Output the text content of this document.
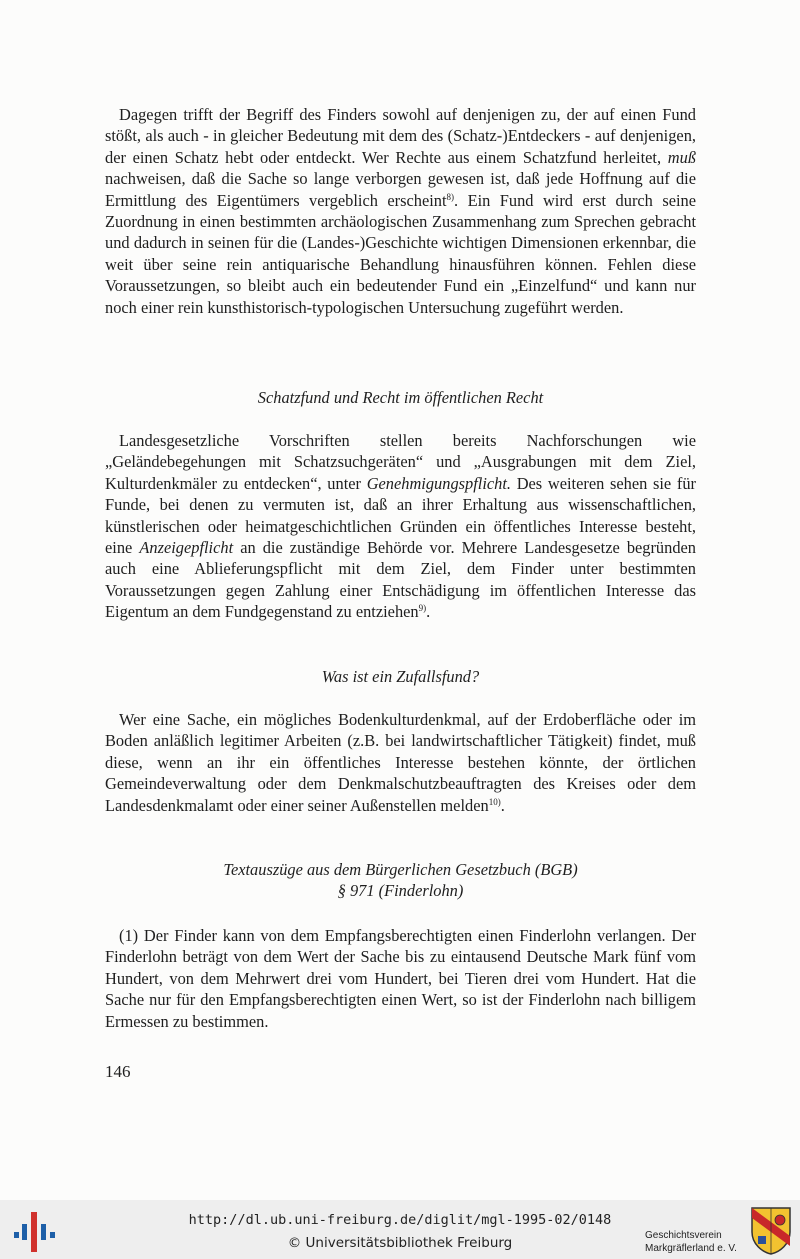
Dagegen trifft der Begriff des Finders sowohl auf denjenigen zu, der auf einen Fund stößt, als auch - in gleicher Bedeutung mit dem des (Schatz-)Entdeckers - auf denjenigen, der einen Schatz hebt oder entdeckt. Wer Rechte aus einem Schatzfund herleitet, muß nachweisen, daß die Sache so lange verborgen gewesen ist, daß jede Hoffnung auf die Ermittlung des Eigentümers vergeblich erscheint$^{8)}$. Ein Fund wird erst durch seine Zuordnung in einen bestimmten archäologischen Zusammenhang zum Sprechen gebracht und dadurch in seinen für die (Landes-)Geschichte wichtigen Dimensionen erkennbar, die weit über seine rein antiquarische Behandlung hinausführen können. Fehlen diese Voraussetzungen, so bleibt auch ein bedeutender Fund ein „Einzelfund“ und kann nur noch einer rein kunsthistorisch-typologischen Untersuchung zugeführt werden.

Schatzfund und Recht im öffentlichen Recht

Landesgesetzliche Vorschriften stellen bereits Nachforschungen wie „Geländebegehungen mit Schatzsuchgeräten“ und „Ausgrabungen mit dem Ziel, Kulturdenkmäler zu entdecken“, unter Genehmigungspflicht. Des weiteren sehen sie für Funde, bei denen zu vermuten ist, daß an ihrer Erhaltung aus wissenschaftlichen, künstlerischen oder heimatgeschichtlichen Gründen ein öffentliches Interesse besteht, eine Anzeigepflicht an die zuständige Behörde vor. Mehrere Landesgesetze begründen auch eine Ablieferungspflicht mit dem Ziel, dem Finder unter bestimmten Voraussetzungen gegen Zahlung einer Entschädigung im öffentlichen Interesse das Eigentum an dem Fundgegenstand zu entziehen$^{9)}$.

Was ist ein Zufallsfund?

Wer eine Sache, ein mögliches Bodenkulturdenkmal, auf der Erdoberfläche oder im Boden anläßlich legitimer Arbeiten (z.B. bei landwirtschaftlicher Tätigkeit) findet, muß diese, wenn an ihr ein öffentliches Interesse bestehen könnte, der örtlichen Gemeindeverwaltung oder dem Denkmalschutzbeauftragten des Kreises oder dem Landesdenkmalamt oder einer seiner Außenstellen melden$^{10)}$.

Textauszüge aus dem Bürgerlichen Gesetzbuch (BGB)
§ 971 (Finderlohn)

(1) Der Finder kann von dem Empfangsberechtigten einen Finderlohn verlangen. Der Finderlohn beträgt von dem Wert der Sache bis zu eintausend Deutsche Mark fünf vom Hundert, von dem Mehrwert drei vom Hundert, bei Tieren drei vom Hundert. Hat die Sache nur für den Empfangsberechtigten einen Wert, so ist der Finderlohn nach billigem Ermessen zu bestimmen.

146
http://dl.ub.uni-freiburg.de/diglit/mgl-1995-02/0148
© Universitätsbibliothek Freiburg	Geschichtsverein
Markgräflerland e. V.
